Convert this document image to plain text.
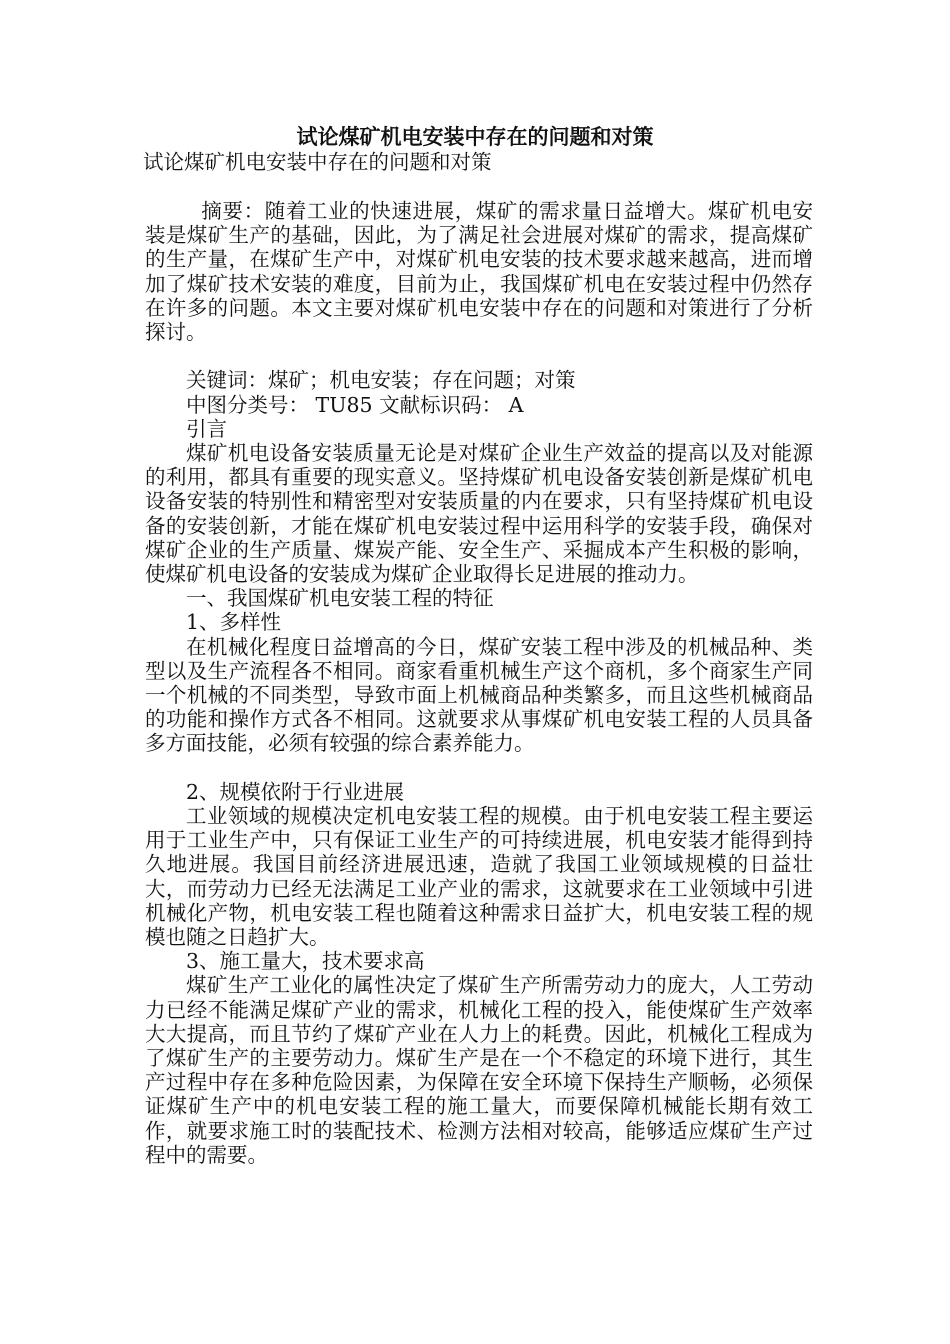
试论煤矿机电安装中存在的问题和对策
试论煤矿机电安装中存在的问题和对策

摘要：随着工业的快速进展，煤矿的需求量日益增大。煤矿机电安装是煤矿生产的基础，因此，为了满足社会进展对煤矿的需求，提高煤矿的生产量，在煤矿生产中，对煤矿机电安装的技术要求越来越高，进而增加了煤矿技术安装的难度，目前为止，我国煤矿机电在安装过程中仍然存在许多的问题。本文主要对煤矿机电安装中存在的问题和对策进行了分析探讨。

关键词：煤矿；机电安装；存在问题；对策

中图分类号： TU85 文献标识码： A

引言

煤矿机电设备安装质量无论是对煤矿企业生产效益的提高以及对能源的利用，都具有重要的现实意义。坚持煤矿机电设备安装创新是煤矿机电设备安装的特别性和精密型对安装质量的内在要求，只有坚持煤矿机电设备的安装创新，才能在煤矿机电安装过程中运用科学的安装手段，确保对煤矿企业的生产质量、煤炭产能、安全生产、采掘成本产生积极的影响，使煤矿机电设备的安装成为煤矿企业取得长足进展的推动力。

一、我国煤矿机电安装工程的特征

1、多样性

在机械化程度日益增高的今日，煤矿安装工程中涉及的机械品种、类型以及生产流程各不相同。商家看重机械生产这个商机，多个商家生产同一个机械的不同类型，导致市面上机械商品种类繁多，而且这些机械商品的功能和操作方式各不相同。这就要求从事煤矿机电安装工程的人员具备多方面技能，必须有较强的综合素养能力。

2、规模依附于行业进展

工业领域的规模决定机电安装工程的规模。由于机电安装工程主要运用于工业生产中，只有保证工业生产的可持续进展，机电安装才能得到持久地进展。我国目前经济进展迅速，造就了我国工业领域规模的日益壮大，而劳动力已经无法满足工业产业的需求，这就要求在工业领域中引进机械化产物，机电安装工程也随着这种需求日益扩大，机电安装工程的规模也随之日趋扩大。

3、施工量大，技术要求高

煤矿生产工业化的属性决定了煤矿生产所需劳动力的庞大，人工劳动力已经不能满足煤矿产业的需求，机械化工程的投入，能使煤矿生产效率大大提高，而且节约了煤矿产业在人力上的耗费。因此，机械化工程成为了煤矿生产的主要劳动力。煤矿生产是在一个不稳定的环境下进行，其生产过程中存在多种危险因素，为保障在安全环境下保持生产顺畅，必须保证煤矿生产中的机电安装工程的施工量大，而要保障机械能长期有效工作，就要求施工时的装配技术、检测方法相对较高，能够适应煤矿生产过程中的需要。
